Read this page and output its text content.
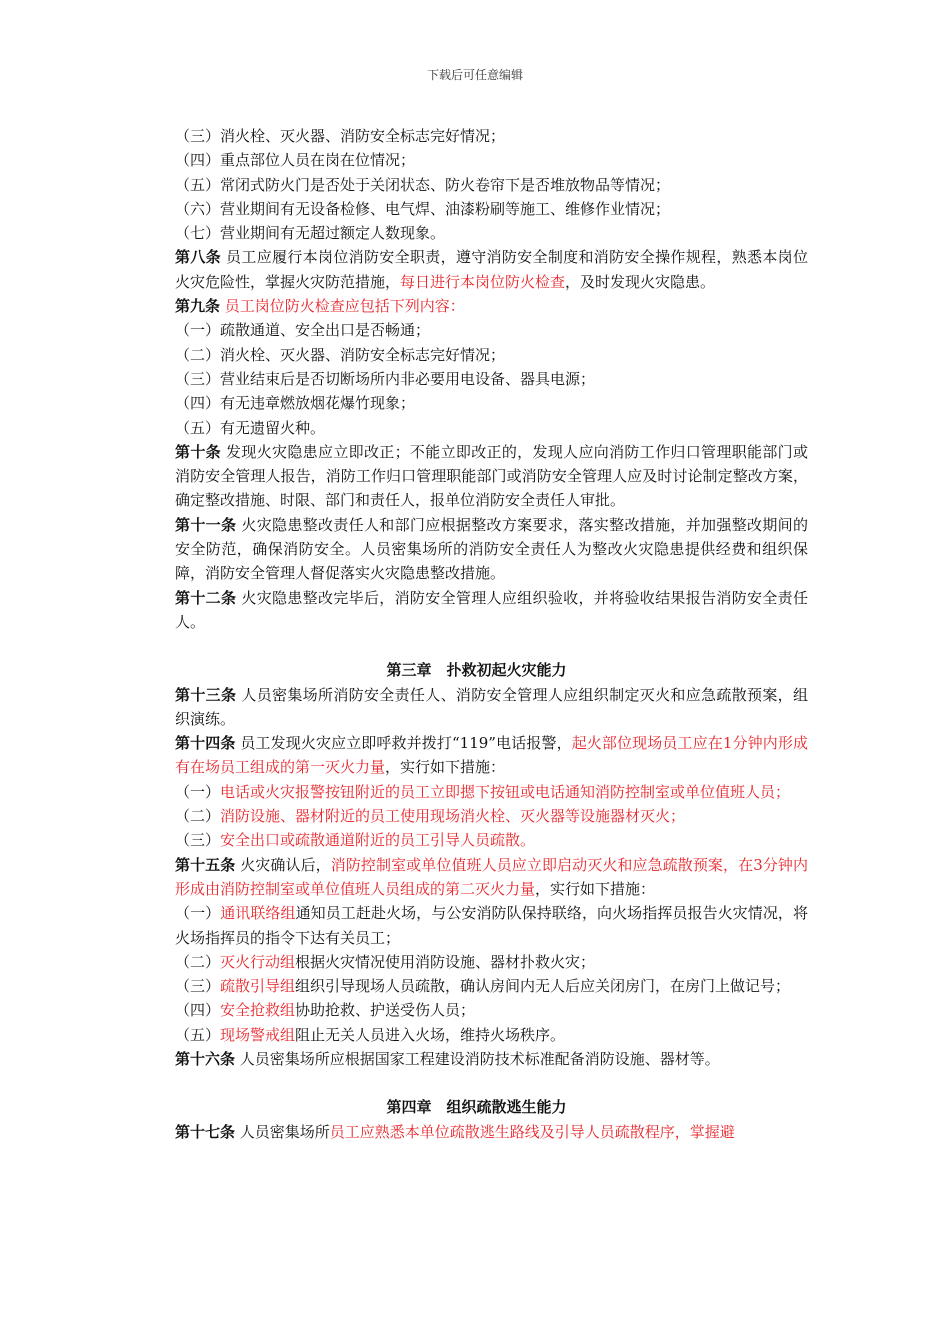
下载后可任意编辑

（三）消火栓、灭火器、消防安全标志完好情况；

（四）重点部位人员在岗在位情况；

（五）常闭式防火门是否处于关闭状态、防火卷帘下是否堆放物品等情况；

（六）营业期间有无设备检修、电气焊、油漆粉刷等施工、维修作业情况；

（七）营业期间有无超过额定人数现象。

第八条 员工应履行本岗位消防安全职责，遵守消防安全制度和消防安全操作规程，熟悉本岗位火灾危险性，掌握火灾防范措施，每日进行本岗位防火检查，及时发现火灾隐患。

第九条 员工岗位防火检查应包括下列内容：

（一）疏散通道、安全出口是否畅通；

（二）消火栓、灭火器、消防安全标志完好情况；

（三）营业结束后是否切断场所内非必要用电设备、器具电源；

（四）有无违章燃放烟花爆竹现象；

（五）有无遗留火种。

第十条 发现火灾隐患应立即改正；不能立即改正的，发现人应向消防工作归口管理职能部门或消防安全管理人报告，消防工作归口管理职能部门或消防安全管理人应及时讨论制定整改方案，确定整改措施、时限、部门和责任人，报单位消防安全责任人审批。

第十一条 火灾隐患整改责任人和部门应根据整改方案要求，落实整改措施，并加强整改期间的安全防范，确保消防安全。人员密集场所的消防安全责任人为整改火灾隐患提供经费和组织保障，消防安全管理人督促落实火灾隐患整改措施。

第十二条 火灾隐患整改完毕后，消防安全管理人应组织验收，并将验收结果报告消防安全责任人。

第三章　扑救初起火灾能力

第十三条 人员密集场所消防安全责任人、消防安全管理人应组织制定灭火和应急疏散预案，组织演练。

第十四条 员工发现火灾应立即呼救并拨打“119”电话报警，起火部位现场员工应在1分钟内形成有在场员工组成的第一灭火力量，实行如下措施：

（一）电话或火灾报警按钮附近的员工立即摁下按钮或电话通知消防控制室或单位值班人员；

（二）消防设施、器材附近的员工使用现场消火栓、灭火器等设施器材灭火；

（三）安全出口或疏散通道附近的员工引导人员疏散。

第十五条 火灾确认后，消防控制室或单位值班人员应立即启动灭火和应急疏散预案，在3分钟内形成由消防控制室或单位值班人员组成的第二灭火力量，实行如下措施：

（一）通讯联络组通知员工赶赴火场，与公安消防队保持联络，向火场指挥员报告火灾情况，将火场指挥员的指令下达有关员工；

（二）灭火行动组根据火灾情况使用消防设施、器材扑救火灾；

（三）疏散引导组组织引导现场人员疏散，确认房间内无人后应关闭房门，在房门上做记号；

（四）安全抢救组协助抢救、护送受伤人员；

（五）现场警戒组阻止无关人员进入火场，维持火场秩序。

第十六条 人员密集场所应根据国家工程建设消防技术标准配备消防设施、器材等。

第四章　组织疏散逃生能力

第十七条 人员密集场所员工应熟悉本单位疏散逃生路线及引导人员疏散程序，掌握避
